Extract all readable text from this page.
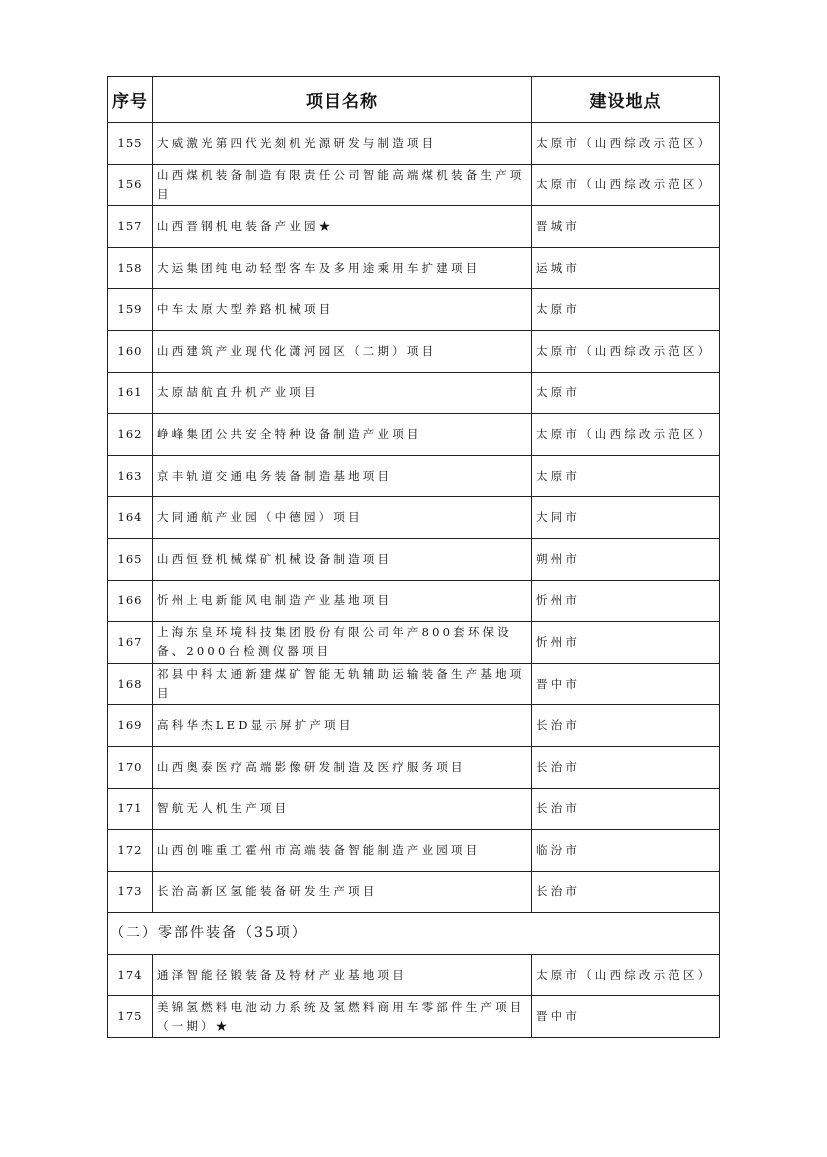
序号	项目名称	建设地点
155	大威激光第四代光刻机光源研发与制造项目	太原市（山西综改示范区）
156	山西煤机装备制造有限责任公司智能高端煤机装备生产项目	太原市（山西综改示范区）
157	山西晋钢机电装备产业园★	晋城市
158	大运集团纯电动轻型客车及多用途乘用车扩建项目	运城市
159	中车太原大型养路机械项目	太原市
160	山西建筑产业现代化潇河园区（二期）项目	太原市（山西综改示范区）
161	太原喆航直升机产业项目	太原市
162	峥峰集团公共安全特种设备制造产业项目	太原市（山西综改示范区）
163	京丰轨道交通电务装备制造基地项目	太原市
164	大同通航产业园（中德园）项目	大同市
165	山西恒登机械煤矿机械设备制造项目	朔州市
166	忻州上电新能风电制造产业基地项目	忻州市
167	上海东皇环境科技集团股份有限公司年产800套环保设备、2000台检测仪器项目	忻州市
168	祁县中科太通新建煤矿智能无轨辅助运输装备生产基地项目	晋中市
169	高科华杰LED显示屏扩产项目	长治市
170	山西奥泰医疗高端影像研发制造及医疗服务项目	长治市
171	智航无人机生产项目	长治市
172	山西创唯重工霍州市高端装备智能制造产业园项目	临汾市
173	长治高新区氢能装备研发生产项目	长治市
（二）零部件装备（35项）		
174	通泽智能径锻装备及特材产业基地项目	太原市（山西综改示范区）
175	美锦氢燃料电池动力系统及氢燃料商用车零部件生产项目（一期）★	晋中市
